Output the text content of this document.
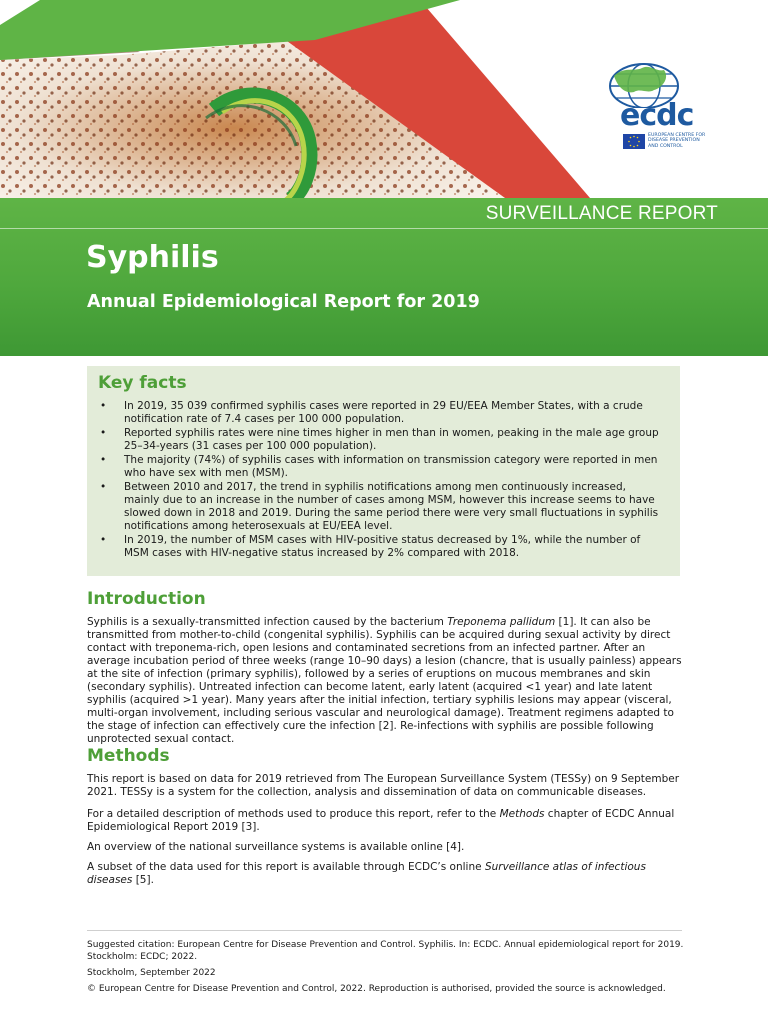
ecdc
EUROPEAN CENTRE FOR
DISEASE PREVENTION
AND CONTROL
SURVEILLANCE REPORT
Syphilis
Annual Epidemiological Report for 2019
Key facts
• In 2019, 35 039 confirmed syphilis cases were reported in 29 EU/EEA Member States, with a crude notification rate of 7.4 cases per 100 000 population.
• Reported syphilis rates were nine times higher in men than in women, peaking in the male age group 25–34-years (31 cases per 100 000 population).
• The majority (74%) of syphilis cases with information on transmission category were reported in men who have sex with men (MSM).
• Between 2010 and 2017, the trend in syphilis notifications among men continuously increased, mainly due to an increase in the number of cases among MSM, however this increase seems to have slowed down in 2018 and 2019. During the same period there were very small fluctuations in syphilis notifications among heterosexuals at EU/EEA level.
• In 2019, the number of MSM cases with HIV-positive status decreased by 1%, while the number of MSM cases with HIV-negative status increased by 2% compared with 2018.
Introduction

Syphilis is a sexually-transmitted infection caused by the bacterium Treponema pallidum [1]. It can also be transmitted from mother-to-child (congenital syphilis). Syphilis can be acquired during sexual activity by direct contact with treponema-rich, open lesions and contaminated secretions from an infected partner. After an average incubation period of three weeks (range 10–90 days) a lesion (chancre, that is usually painless) appears at the site of infection (primary syphilis), followed by a series of eruptions on mucous membranes and skin (secondary syphilis). Untreated infection can become latent, early latent (acquired <1 year) and late latent syphilis (acquired >1 year). Many years after the initial infection, tertiary syphilis lesions may appear (visceral, multi-organ involvement, including serious vascular and neurological damage). Treatment regimens adapted to the stage of infection can effectively cure the infection [2]. Re-infections with syphilis are possible following unprotected sexual contact.

Methods

This report is based on data for 2019 retrieved from The European Surveillance System (TESSy) on 9 September 2021. TESSy is a system for the collection, analysis and dissemination of data on communicable diseases.

For a detailed description of methods used to produce this report, refer to the Methods chapter of ECDC Annual Epidemiological Report 2019 [3].

An overview of the national surveillance systems is available online [4].

A subset of the data used for this report is available through ECDC’s online Surveillance atlas of infectious diseases [5].

Suggested citation: European Centre for Disease Prevention and Control. Syphilis. In: ECDC. Annual epidemiological report for 2019. Stockholm: ECDC; 2022.

Stockholm, September 2022

© European Centre for Disease Prevention and Control, 2022. Reproduction is authorised, provided the source is acknowledged.
